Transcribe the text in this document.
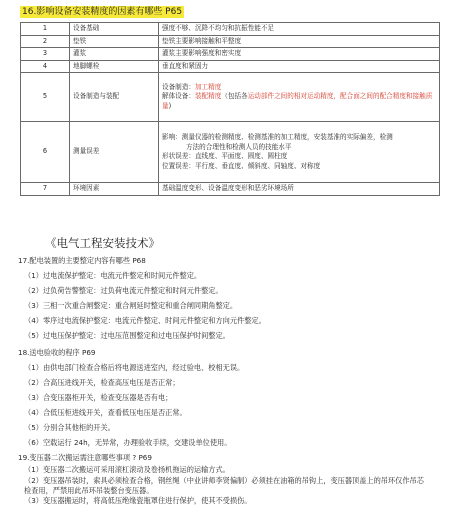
16.影响设备安装精度的因素有哪些 P65
1	设备基础	强度不够、沉降不均匀和抗振性能不足
2	垫铁	垫铁主要影响接触和平整度
3	灌浆	灌浆主要影响强度和密实度
4	地脚螺栓	垂直度和紧固力
5	设备制造与装配	设备制造：加工精度
解体设备：装配精度（包括各运动部件之间的相对运动精度，配合面之间的配合精度和接触质量)

6	测量误差	影响：测量仪器的检测精度、检测基准的加工精度，安装基准的实际偏差，检测
方法的合理性和检测人员的技能水平
形状误差：直线度、平面度、圆度、圆柱度
位置误差：平行度、垂直度、倾斜度、同轴度、对称度

7	环境因素	基础温度变形、设备温度变形和恶劣环境场所
《电气工程安装技术》
17.配电装置的主要整定内容有哪些 P68
（1）过电流保护整定：电流元件整定和时间元件整定。
（2）过负荷告警整定：过负荷电流元件整定和时间元件整定。
（3）三相一次重合闸整定：重合闸延时整定和重合闸同期角整定。
（4）零序过电流保护整定：电流元件整定、时间元件整定和方向元件整定。
（5）过电压保护整定：过电压范围整定和过电压保护时间整定。
18.送电验收的程序 P69
（1）由供电部门检查合格后将电源送进室内，经过验电、校相无误。
（2）合高压进线开关，检查高压电压是否正常；
（3）合变压器柜开关，检查变压器是否有电；
（4）合低压柜进线开关，查看低压电压是否正常。
（5）分别合其他柜的开关。
（6）空载运行 24h，无异常，办理验收手续，交建设单位使用。
19.变压器二次搬运需注意哪些事项 ? P69
（1）变压器二次搬运可采用滚杠滚动及卷扬机拖运的运输方式。
（2）变压器吊装时，索具必须检查合格，钢丝绳（中业讲师李贤偏制）必须挂在油箱的吊钩上，变压器顶盖上的吊环仅作吊芯检查用，严禁用此吊环吊装整台变压器。
（3）变压器搬运时，将高低压绝缘瓷瓶罩住进行保护，使其不受损伤。
